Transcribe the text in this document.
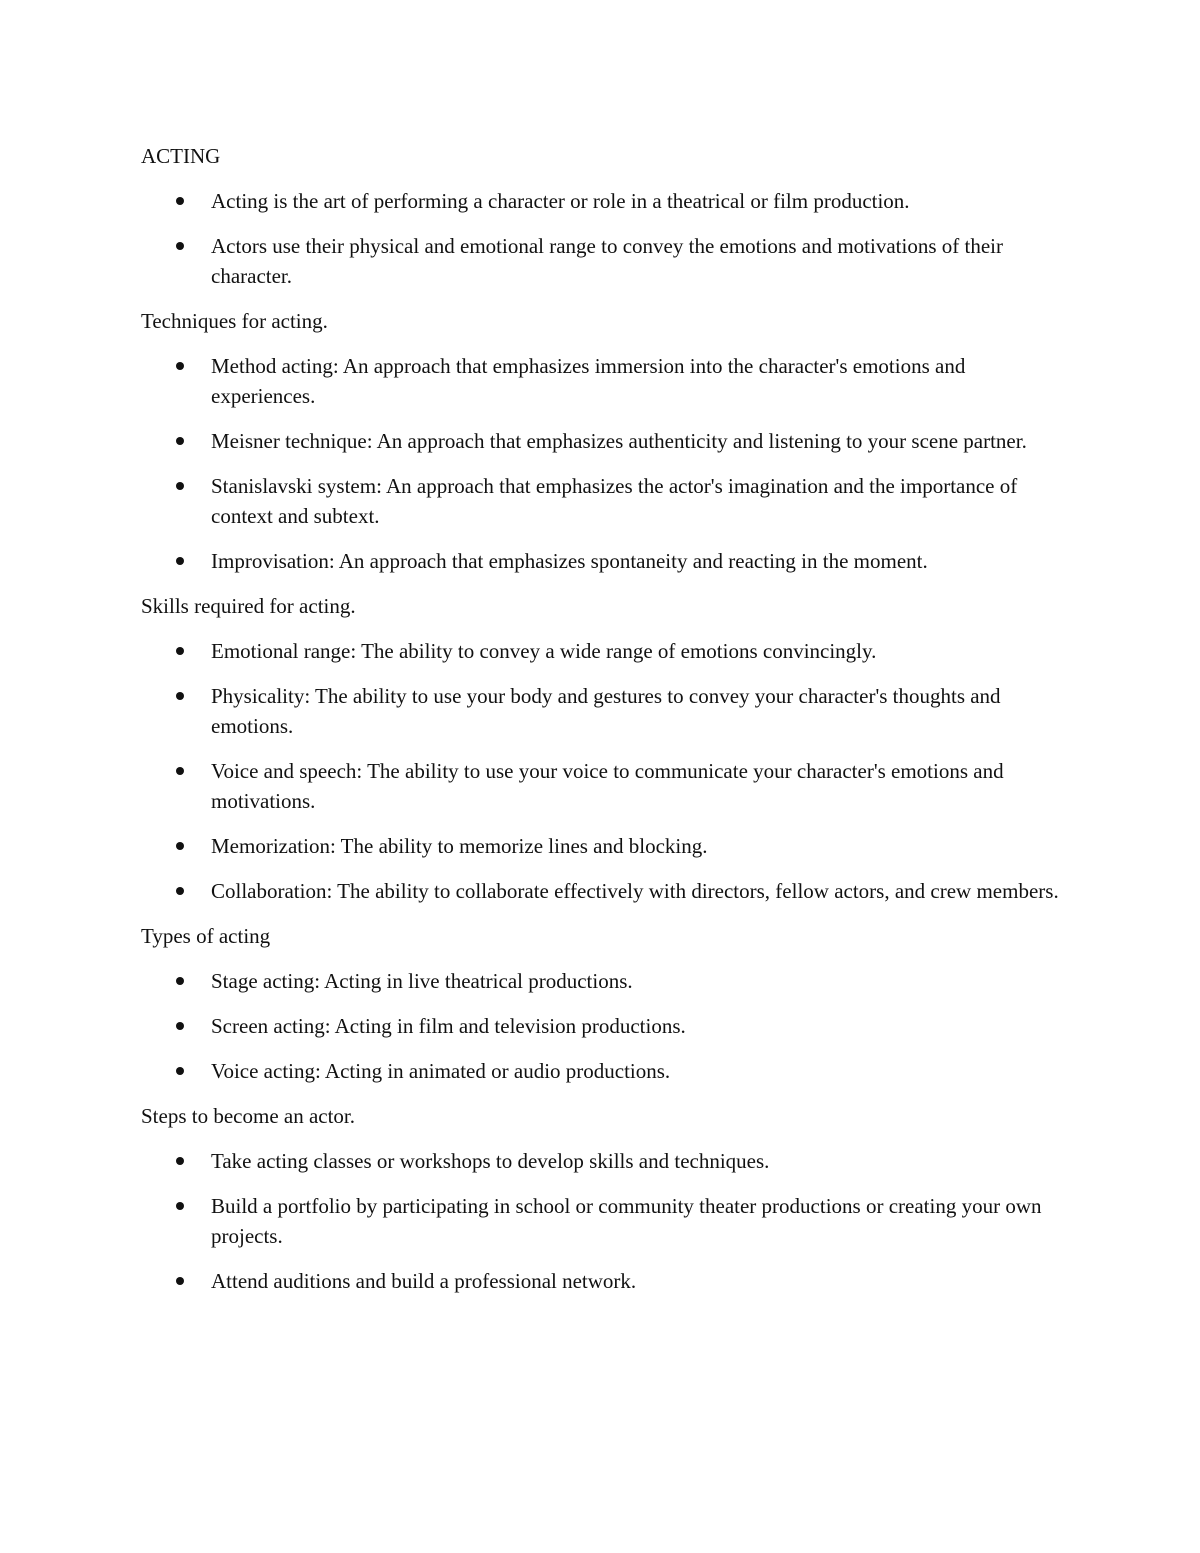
ACTING
Acting is the art of performing a character or role in a theatrical or film production.
Actors use their physical and emotional range to convey the emotions and motivations of their character.
Techniques for acting.
Method acting: An approach that emphasizes immersion into the character's emotions and experiences.
Meisner technique: An approach that emphasizes authenticity and listening to your scene partner.
Stanislavski system: An approach that emphasizes the actor's imagination and the importance of context and subtext.
Improvisation: An approach that emphasizes spontaneity and reacting in the moment.
Skills required for acting.
Emotional range: The ability to convey a wide range of emotions convincingly.
Physicality: The ability to use your body and gestures to convey your character's thoughts and emotions.
Voice and speech: The ability to use your voice to communicate your character's emotions and motivations.
Memorization: The ability to memorize lines and blocking.
Collaboration: The ability to collaborate effectively with directors, fellow actors, and crew members.
Types of acting
Stage acting: Acting in live theatrical productions.
Screen acting: Acting in film and television productions.
Voice acting: Acting in animated or audio productions.
Steps to become an actor.
Take acting classes or workshops to develop skills and techniques.
Build a portfolio by participating in school or community theater productions or creating your own projects.
Attend auditions and build a professional network.
